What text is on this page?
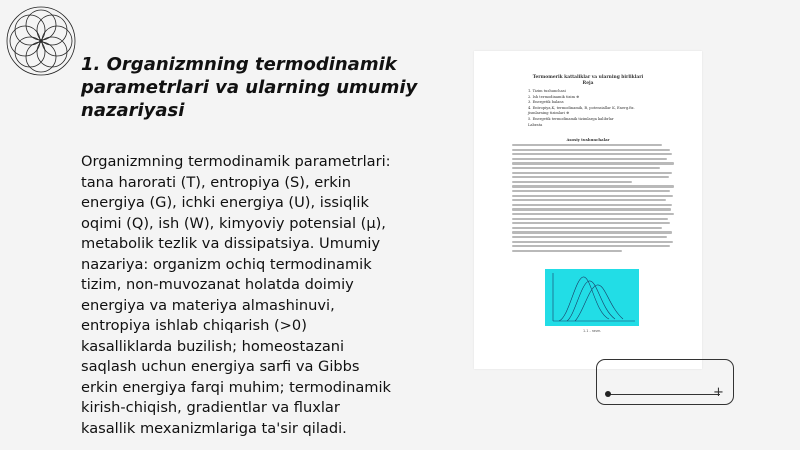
1. Organizmning termodinamik parametrlari va ularning umumiy nazariyasi

Organizmning termodinamik parametrlari: tana harorati (T), entropiya (S), erkin energiya (G), ichki energiya (U), issiqlik oqimi (Q), ish (W), kimyoviy potensial (μ), metabolik tezlik va dissipatsiya. Umumiy nazariya: organizm ochiq termodinamik tizim, non-muvozanat holatda doimiy energiya va materiya almashinuvi, entropiya ishlab chiqarish (>0) kasalliklarda buzilish; homeostazani saqlash uchun energiya sarfi va Gibbs erkin energiya farqi muhim; termodinamik kirish-chiqish, gradientlar va fluxlar kasallik mexanizmlariga ta'sir qiladi.

Termomerik kattaliklar va ularning birliklari
Reja
1. Tizim tushunchasi
2. Ish termodinamik tizim ⊕
3. Energetik balans
4. Entropiya,K, termodinamik, B, potensiallar K, Energ.fiz.
jismlarning tizimlari ⊕
5. Energetik termodinamik tizimlarga kalibrlar
Labrata
Asosiy tushunchalar
1.1 - rasm.
+
